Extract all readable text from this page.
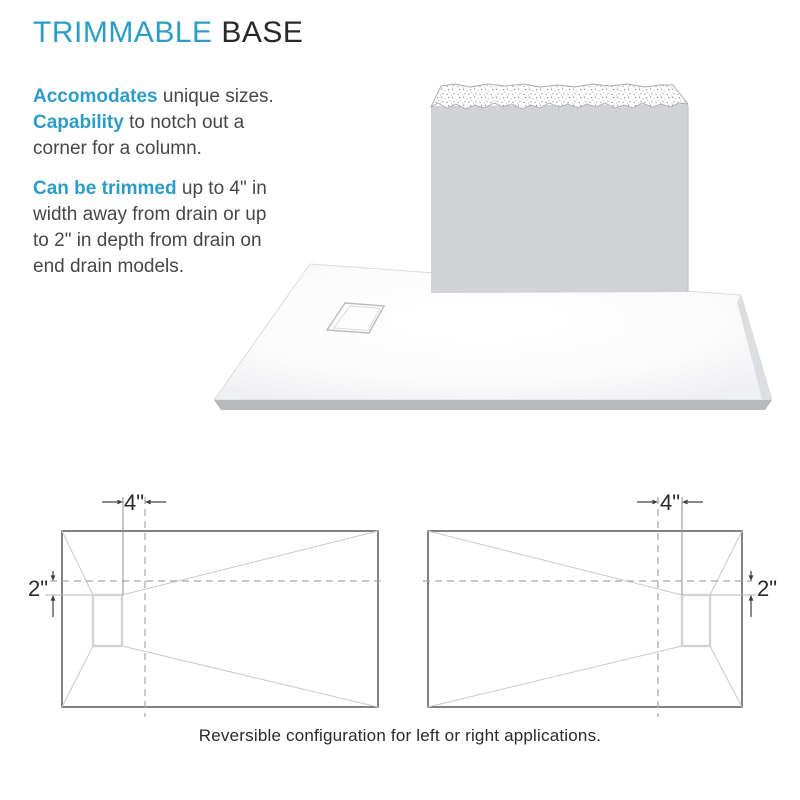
TRIMMABLE BASE

Accomodates unique sizes.
Capability to notch out a
corner for a column.

Can be trimmed up to 4" in
width away from drain or up
to 2" in depth from drain on
end drain models.

4"
2"
4"
2"
Reversible configuration for left or right applications.
